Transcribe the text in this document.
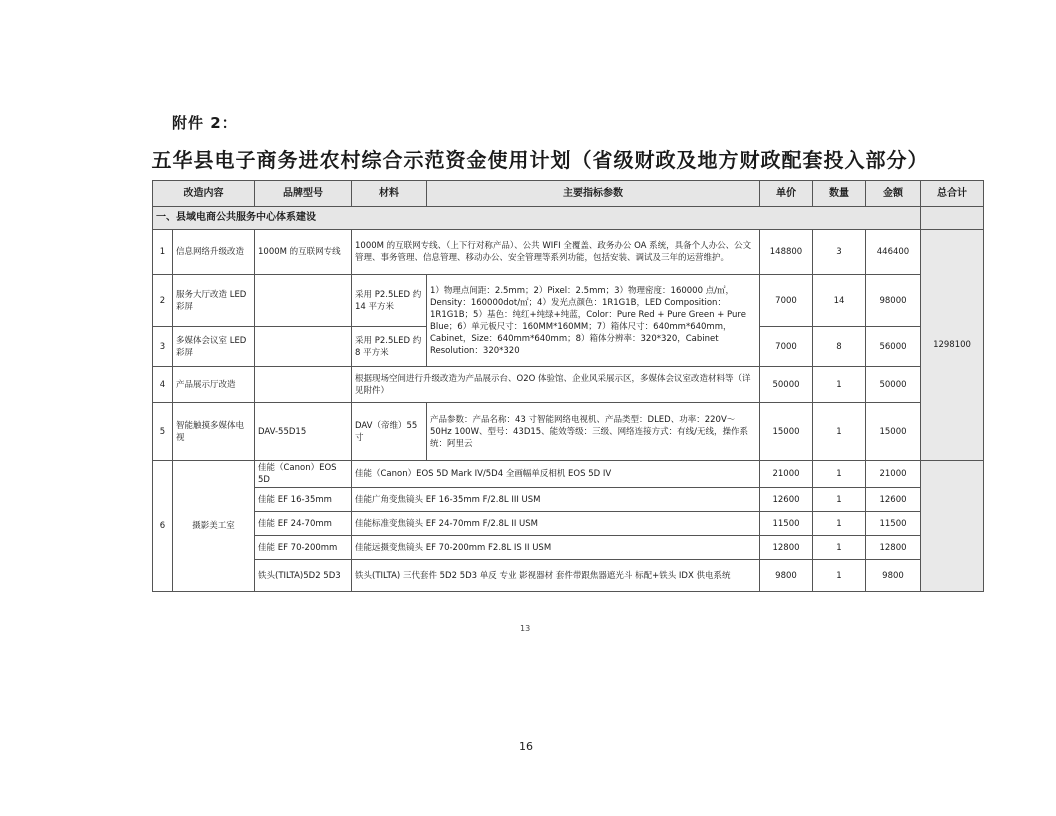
附件 2：
五华县电子商务进农村综合示范资金使用计划（省级财政及地方财政配套投入部分）
改造内容		品牌型号	材料	主要指标参数	单价	数量	金额	总合计
一、县域电商公共服务中心体系建设								
1	信息网络升级改造	1000M 的互联网专线	1000M 的互联网专线、（上下行对称产品）、公共 WIFI 全覆盖、政务办公 OA 系统，具备个人办公、公文管理、事务管理、信息管理、移动办公、安全管理等系列功能，包括安装、调试及三年的运营维护。		148800	3	446400	1298100
2	服务大厅改造 LED 彩屏		采用 P2.5LED 约 14 平方米	1）物理点间距：2.5mm；2）Pixel：2.5mm；3）物理密度：160000 点/㎡，Density：160000dot/㎡；4）发光点颜色：1R1G1B，LED Composition：1R1G1B；5）基色：纯红+纯绿+纯蓝，Color：Pure Red + Pure Green + Pure Blue；6）单元板尺寸：160MM*160MM；7）箱体尺寸：640mm*640mm，Cabinet，Size：640mm*640mm；8）箱体分辨率：320*320，Cabinet Resolution：320*320	7000	14	98000	
3	多媒体会议室 LED 彩屏		采用 P2.5LED 约 8 平方米		7000	8	56000	
4	产品展示厅改造		根据现场空间进行升级改造为产品展示台、O2O 体验馆、企业风采展示区，多媒体会议室改造材料等（详见附件）		50000	1	50000	
5	智能触摸多媒体电视	DAV-55D15	DAV（帝维）55 寸	产品参数：产品名称：43 寸智能网络电视机、产品类型：DLED、功率：220V～ 50Hz 100W、型号：43D15、能效等级：三级、网络连接方式：有线/无线，操作系统：阿里云	15000	1	15000	
6	摄影美工室	佳能（Canon）EOS 5D	佳能（Canon）EOS 5D Mark IV/5D4 全画幅单反相机 EOS 5D IV		21000	1	21000	
		佳能 EF 16-35mm	佳能广角变焦镜头 EF 16-35mm F/2.8L III USM		12600	1	12600	
		佳能 EF 24-70mm	佳能标准变焦镜头 EF 24-70mm F/2.8L II USM		11500	1	11500	
		佳能 EF 70-200mm	佳能远摄变焦镜头 EF 70-200mm F2.8L IS II USM		12800	1	12800	
		铁头(TILTA)5D2 5D3	铁头(TILTA) 三代套件 5D2 5D3 单反 专业 影视器材 套件带跟焦器遮光斗 标配+铁头 IDX 供电系统		9800	1	9800	
13
16
